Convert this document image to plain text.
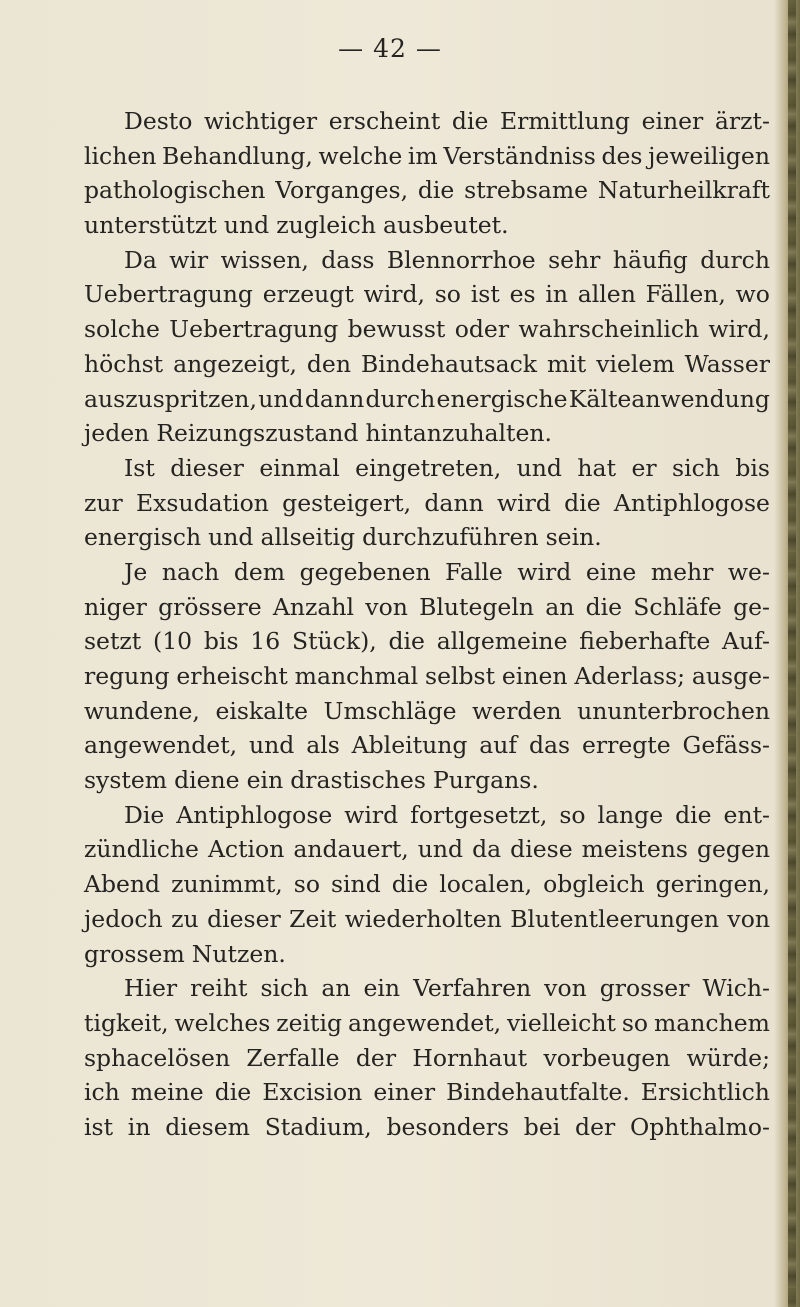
— 42 —
Desto wichtiger erscheint die Ermittlung einer ärzt-
lichen Behandlung, welche im Verständniss des jeweiligen
pathologischen Vorganges, die strebsame Naturheilkraft
unterstützt und zugleich ausbeutet.
Da wir wissen, dass Blennorrhoe sehr häufig durch
Uebertragung erzeugt wird, so ist es in allen Fällen, wo
solche Uebertragung bewusst oder wahrscheinlich wird,
höchst angezeigt, den Bindehautsack mit vielem Wasser
auszuspritzen, und dann durch energische Kälteanwendung
jeden Reizungszustand hintanzuhalten.
Ist dieser einmal eingetreten, und hat er sich bis
zur Exsudation gesteigert, dann wird die Antiphlogose
energisch und allseitig durchzuführen sein.
Je nach dem gegebenen Falle wird eine mehr we-
niger grössere Anzahl von Blutegeln an die Schläfe ge-
setzt (10 bis 16 Stück), die allgemeine fieberhafte Auf-
regung erheischt manchmal selbst einen Aderlass; ausge-
wundene, eiskalte Umschläge werden ununterbrochen
angewendet, und als Ableitung auf das erregte Gefäss-
system diene ein drastisches Purgans.
Die Antiphlogose wird fortgesetzt, so lange die ent-
zündliche Action andauert, und da diese meistens gegen
Abend zunimmt, so sind die localen, obgleich geringen,
jedoch zu dieser Zeit wiederholten Blutentleerungen von
grossem Nutzen.
Hier reiht sich an ein Verfahren von grosser Wich-
tigkeit, welches zeitig angewendet, vielleicht so manchem
sphacelösen Zerfalle der Hornhaut vorbeugen würde;
ich meine die Excision einer Bindehautfalte. Ersichtlich
ist in diesem Stadium, besonders bei der Ophthalmo-
